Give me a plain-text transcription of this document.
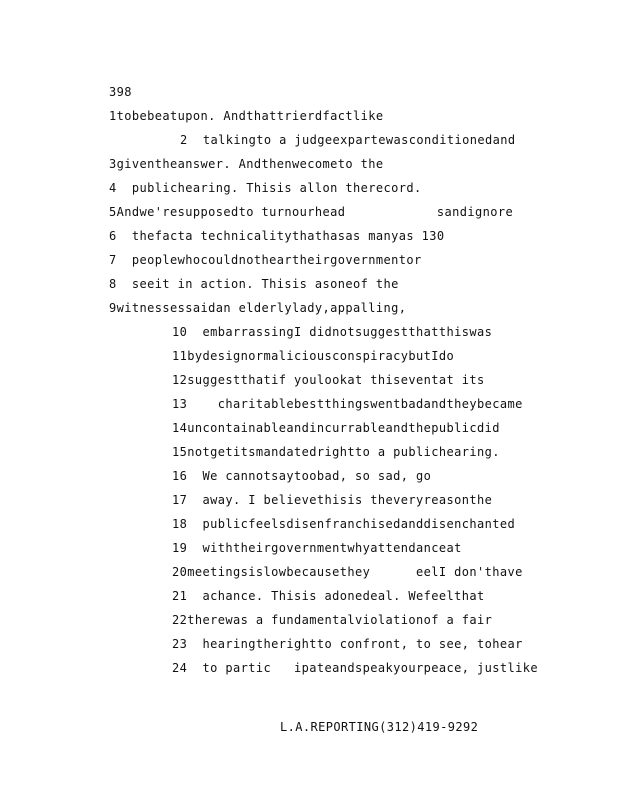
398
1tobebeatupon. Andthattrierdfactlike
2  talkingto a judgeexpartewasconditionedand
3giventheanswer. Andthenwecometo the
4  publichearing. Thisis allon therecord.
5Andwe'resupposedto turnourhead            sandignore
6  thefacta technicalitythathasas manyas 130
7  peoplewhocouldnotheartheirgovernmentor
8  seeit in action. Thisis asoneof the
9witnessessaidan elderlylady,appalling,
10  embarrassingI didnotsuggestthatthiswas
11bydesignormaliciousconspiracybutIdo
12suggestthatif youlookat thiseventat its
13    charitablebestthingswentbadandtheybecame
14uncontainableandincurrableandthepublicdid
15notgetitsmandatedrightto a publichearing.
16  We cannotsaytoobad, so sad, go
17  away. I believethisis theveryreasonthe
18  publicfeelsdisenfranchisedanddisenchanted
19  withtheirgovernmentwhyattendanceat
20meetingsislowbecausethey      eelI don'thave
21  achance. Thisis adonedeal. Wefeelthat
22therewas a fundamentalviolationof a fair
23  hearingtherightto confront, to see, tohear
24  to partic   ipateandspeakyourpeace, justlike
L.A.REPORTING(312)419-9292
